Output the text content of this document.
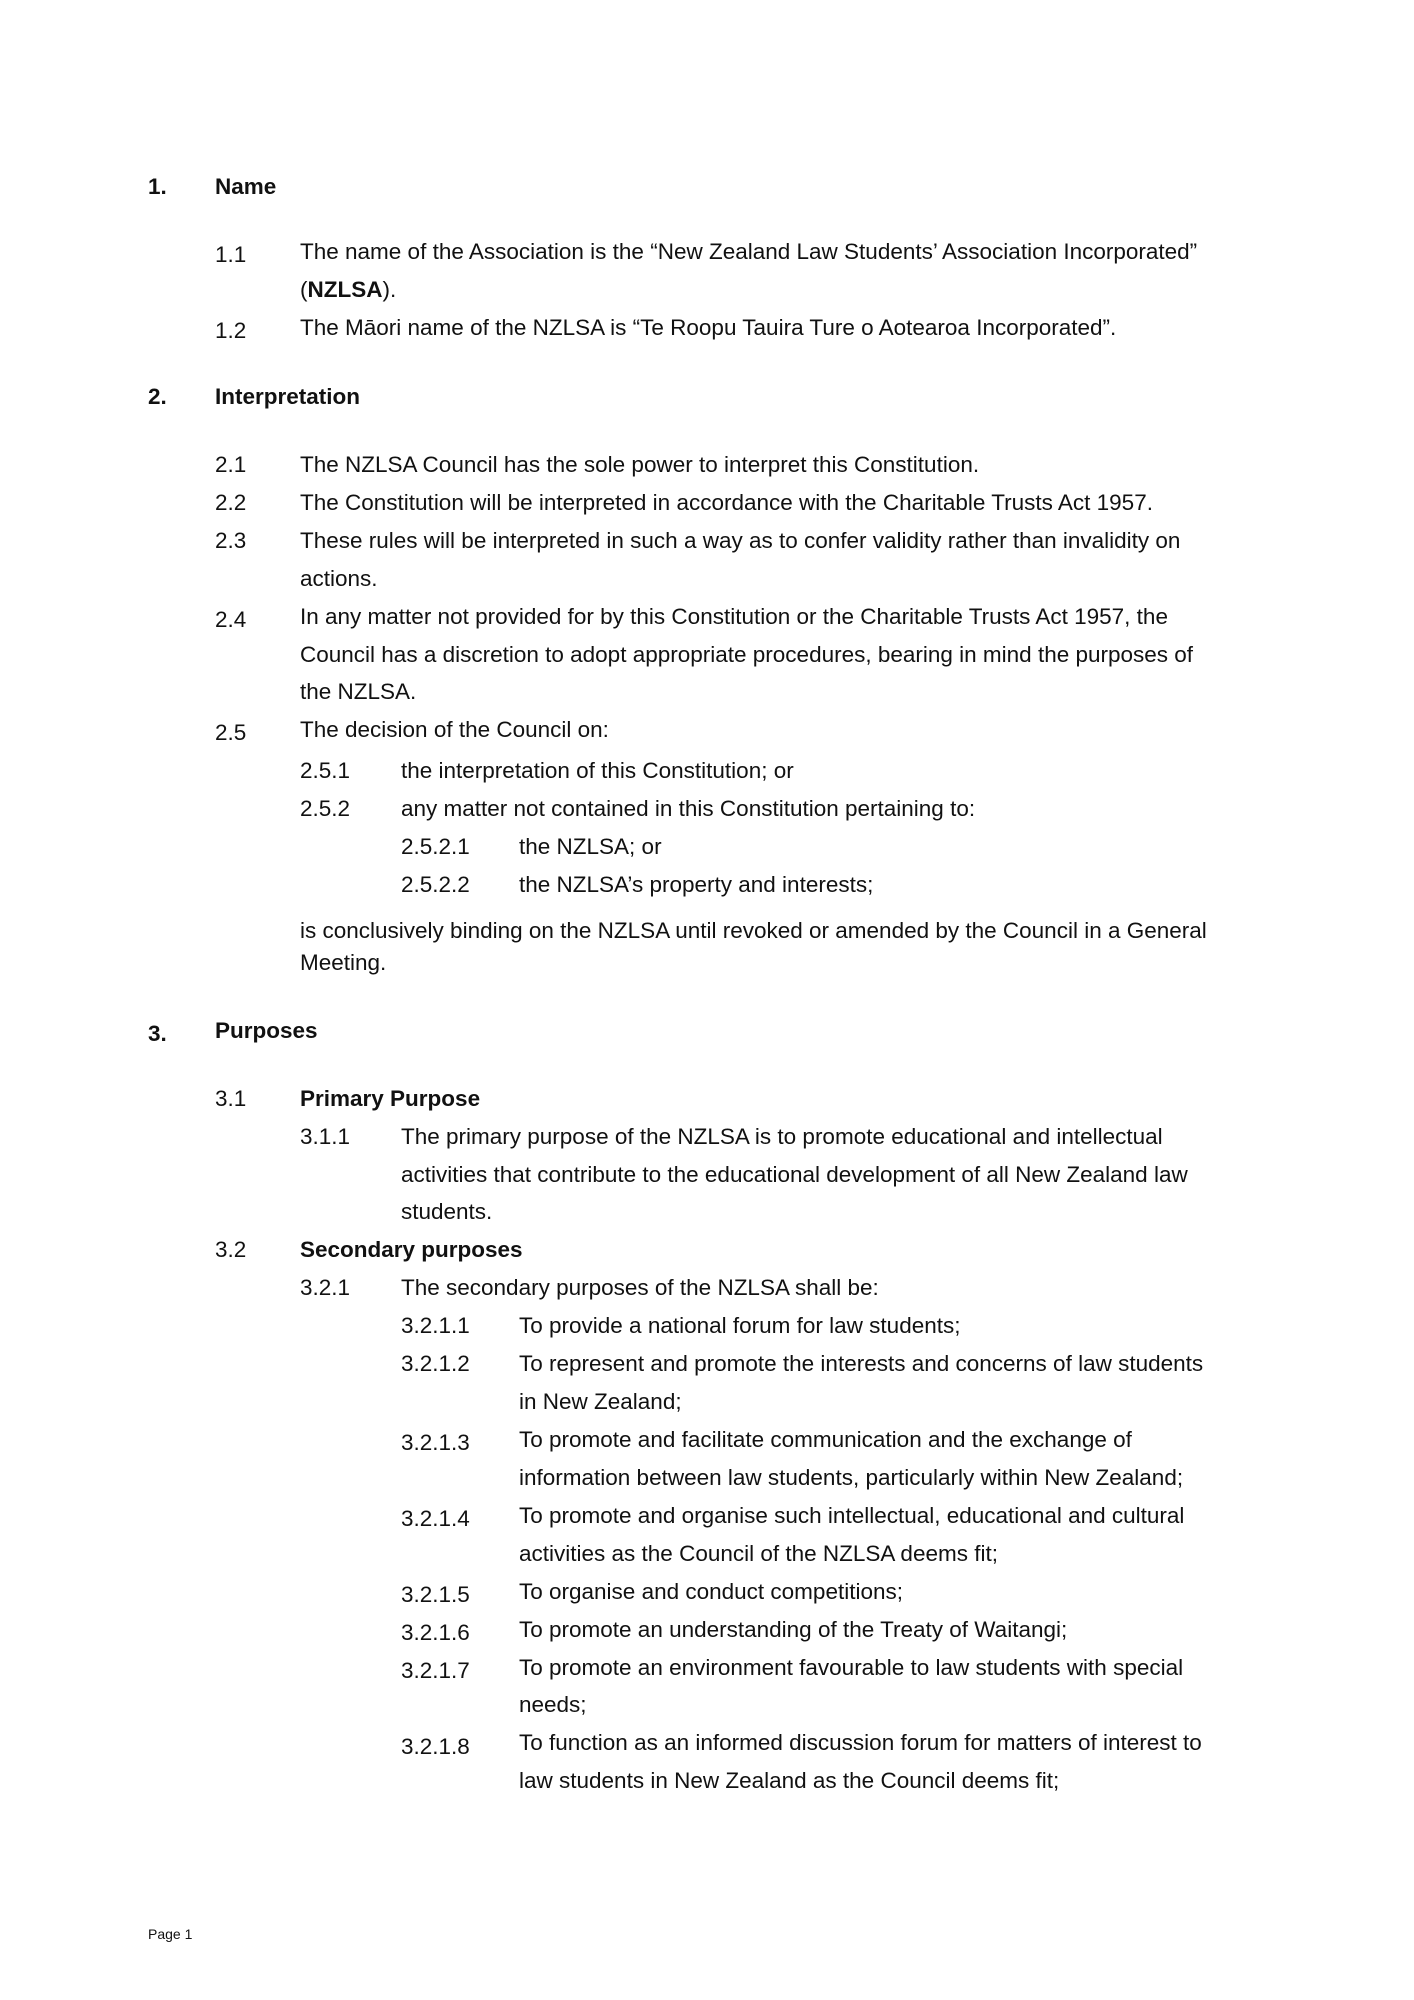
1. Name
1.1 The name of the Association is the “New Zealand Law Students’ Association Incorporated”
(NZLSA).
1.2 The Māori name of the NZLSA is “Te Roopu Tauira Ture o Aotearoa Incorporated”.
2. Interpretation
2.1 The NZLSA Council has the sole power to interpret this Constitution.
2.2 The Constitution will be interpreted in accordance with the Charitable Trusts Act 1957.
2.3 These rules will be interpreted in such a way as to confer validity rather than invalidity on
actions.
2.4 In any matter not provided for by this Constitution or the Charitable Trusts Act 1957, the
Council has a discretion to adopt appropriate procedures, bearing in mind the purposes of
the NZLSA.
2.5 The decision of the Council on:
2.5.1 the interpretation of this Constitution; or
2.5.2 any matter not contained in this Constitution pertaining to:
2.5.2.1 the NZLSA; or
2.5.2.2 the NZLSA’s property and interests;
is conclusively binding on the NZLSA until revoked or amended by the Council in a General
Meeting.
3. Purposes
3.1 Primary Purpose
3.1.1 The primary purpose of the NZLSA is to promote educational and intellectual
activities that contribute to the educational development of all New Zealand law
students.
3.2 Secondary purposes
3.2.1 The secondary purposes of the NZLSA shall be:
3.2.1.1 To provide a national forum for law students;
3.2.1.2 To represent and promote the interests and concerns of law students
in New Zealand;
3.2.1.3 To promote and facilitate communication and the exchange of
information between law students, particularly within New Zealand;
3.2.1.4 To promote and organise such intellectual, educational and cultural
activities as the Council of the NZLSA deems fit;
3.2.1.5 To organise and conduct competitions;
3.2.1.6 To promote an understanding of the Treaty of Waitangi;
3.2.1.7 To promote an environment favourable to law students with special
needs;
3.2.1.8 To function as an informed discussion forum for matters of interest to
law students in New Zealand as the Council deems fit;
Page 1
